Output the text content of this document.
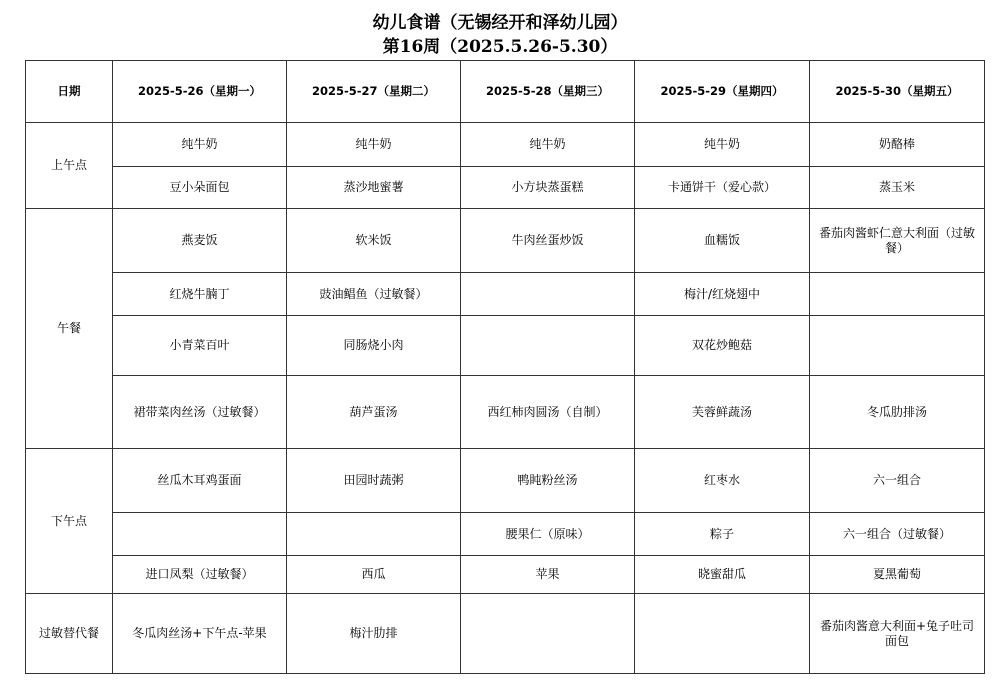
幼儿食谱（无锡经开和泽幼儿园）
第16周（2025.5.26-5.30）
日期	2025-5-26（星期一）	2025-5-27（星期二）	2025-5-28（星期三）	2025-5-29（星期四）	2025-5-30（星期五）
上午点	纯牛奶	纯牛奶	纯牛奶	纯牛奶	奶酪棒
	豆小朵面包	蒸沙地蜜薯	小方块蒸蛋糕	卡通饼干（爱心款）	蒸玉米
午餐	燕麦饭	软米饭	牛肉丝蛋炒饭	血糯饭	番茄肉酱虾仁意大利面（过敏餐）
	红烧牛腩丁	豉油鲳鱼（过敏餐）		梅汁/红烧翅中	
	小青菜百叶	同肠烧小肉		双花炒鲍菇	
	裙带菜肉丝汤（过敏餐）	葫芦蛋汤	西红柿肉圆汤（自制）	芙蓉鲜蔬汤	冬瓜肋排汤
下午点	丝瓜木耳鸡蛋面	田园时蔬粥	鸭盹粉丝汤	红枣水	六一组合
			腰果仁（原味）	粽子	六一组合（过敏餐）
	进口凤梨（过敏餐）	西瓜	苹果	晓蜜甜瓜	夏黑葡萄
过敏替代餐	冬瓜肉丝汤+下午点-苹果	梅汁肋排			番茄肉酱意大利面+兔子吐司面包
